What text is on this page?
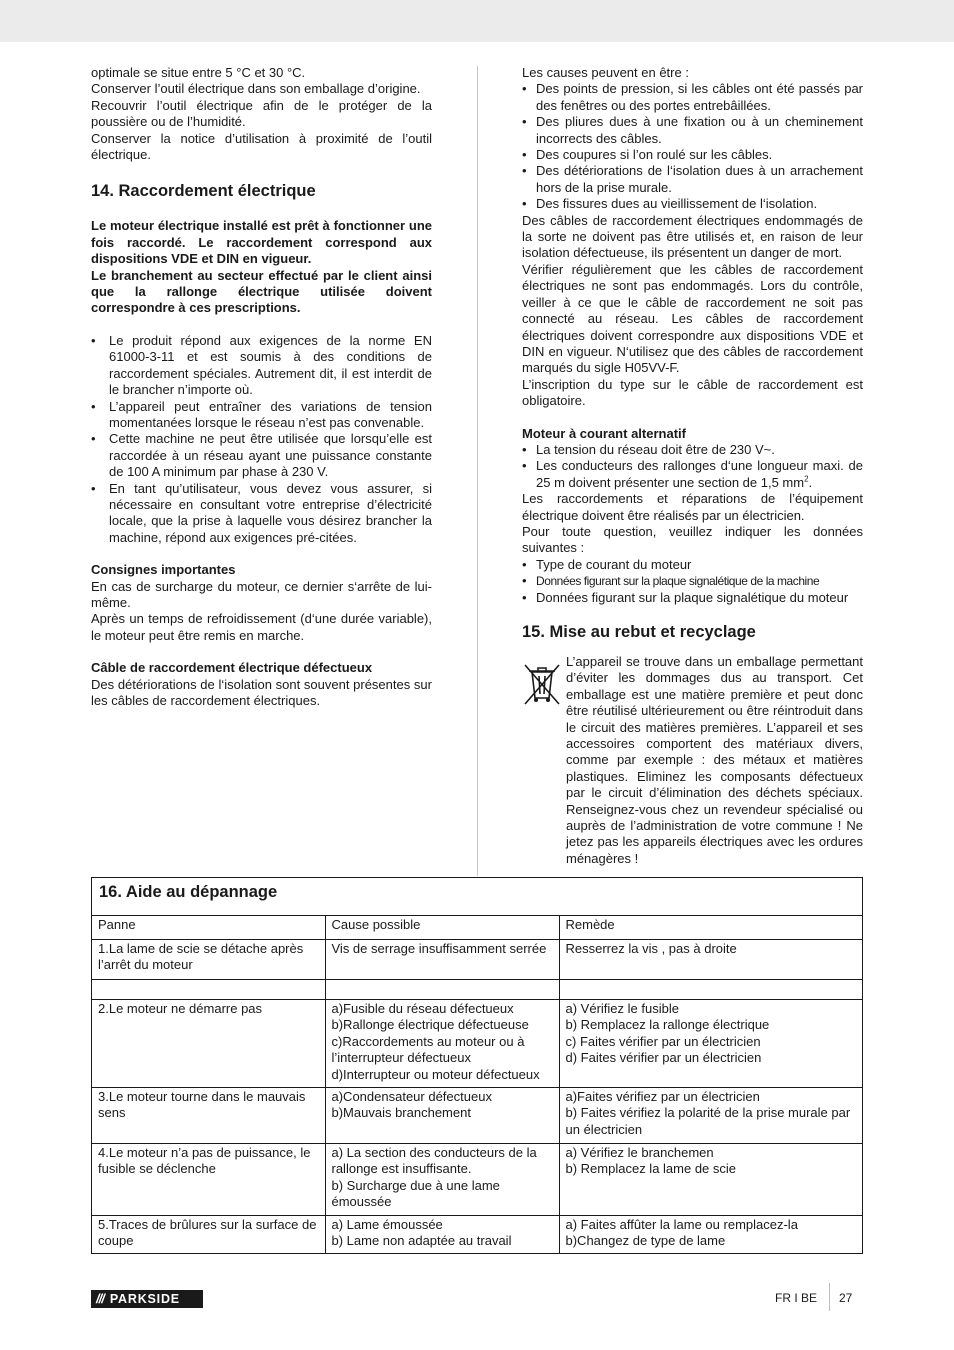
optimale se situe entre 5 °C et 30 °C.

Conserver l’outil électrique dans son emballage d’origine.

Recouvrir l’outil électrique afin de le protéger de la poussière ou de l’humidité.

Conserver la notice d’utilisation à proximité de l’outil électrique.

14. Raccordement électrique

Le moteur électrique installé est prêt à fonctionner une fois raccordé. Le raccordement correspond aux dispositions VDE et DIN en vigueur.

Le branchement au secteur effectué par le client ainsi que la rallonge électrique utilisée doivent correspondre à ces prescriptions.

• Le produit répond aux exigences de la norme EN 61000-3-11 et est soumis à des conditions de raccordement spéciales. Autrement dit, il est interdit de le brancher n’importe où.
• L’appareil peut entraîner des variations de tension momentanées lorsque le réseau n’est pas convenable.
• Cette machine ne peut être utilisée que lorsqu’elle est raccordée à un réseau ayant une puissance constante de 100 A minimum par phase à 230 V.
• En tant qu’utilisateur, vous devez vous assurer, si nécessaire en consultant votre entreprise d’électricité locale, que la prise à laquelle vous désirez brancher la machine, répond aux exigences pré-citées.

Consignes importantes

En cas de surcharge du moteur, ce dernier s‘arrête de lui-même.

Après un temps de refroidissement (d‘une durée variable), le moteur peut être remis en marche.

Câble de raccordement électrique défectueux

Des détériorations de l‘isolation sont souvent présentes sur les câbles de raccordement électriques.

Les causes peuvent en être :

• Des points de pression, si les câbles ont été passés par des fenêtres ou des portes entrebâillées.
• Des pliures dues à une fixation ou à un cheminement incorrects des câbles.
• Des coupures si l’on roulé sur les câbles.
• Des détériorations de l‘isolation dues à un arrachement hors de la prise murale.
• Des fissures dues au vieillissement de l‘isolation.

Des câbles de raccordement électriques endommagés de la sorte ne doivent pas être utilisés et, en raison de leur isolation défectueuse, ils présentent un danger de mort.

Vérifier régulièrement que les câbles de raccordement électriques ne sont pas endommagés. Lors du contrôle, veiller à ce que le câble de raccordement ne soit pas connecté au réseau. Les câbles de raccordement électriques doivent correspondre aux dispositions VDE et DIN en vigueur. N‘utilisez que des câbles de raccordement marqués du sigle H05VV-F.

L’inscription du type sur le câble de raccordement est obligatoire.

Moteur à courant alternatif

• La tension du réseau doit être de 230 V~.
• Les conducteurs des rallonges d‘une longueur maxi. de 25 m doivent présenter une section de 1,5 $mm^2$.

Les raccordements et réparations de l’équipement électrique doivent être réalisés par un électricien.

Pour toute question, veuillez indiquer les données suivantes :

• Type de courant du moteur
• Données figurant sur la plaque signalétique de la machine
• Données figurant sur la plaque signalétique du moteur
15. Mise au rebut et recyclage

L’appareil se trouve dans un emballage permettant d’éviter les dommages dus au transport. Cet emballage est une matière première et peut donc être réutilisé ultérieurement ou être réintroduit dans le circuit des matières premières. L’appareil et ses accessoires comportent des matériaux divers, comme par exemple : des métaux et matières plastiques. Eliminez les composants défectueux par le circuit d’élimination des déchets spéciaux. Renseignez-vous chez un revendeur spécialisé ou auprès de l’administration de votre commune ! Ne jetez pas les appareils électriques avec les ordures ménagères !

16. Aide au dépannage
Panne	Cause possible	Remède

1.La lame de scie se détache après l’arrêt du moteur	Vis de serrage insuffisamment serrée	Resserrez la vis , pas à droite

2.Le moteur ne démarre pas	a)Fusible du réseau défectueux
b)Rallonge électrique défectueuse
c)Raccordements au moteur ou à l’interrupteur défectueux
d)Interrupteur ou moteur défectueux	a) Vérifiez le fusible
b) Remplacez la rallonge électrique
c) Faites vérifier par un électricien
d) Faites vérifier par un électricien

3.Le moteur tourne dans le mauvais sens	a)Condensateur défectueux
b)Mauvais branchement	a)Faites vérifiez par un électricien
b) Faites vérifiez la polarité de la prise murale par un électricien

4.Le moteur n’a pas de puissance, le fusible se déclenche	a) La section des conducteurs de la rallonge est insuffisante.
b) Surcharge due à une lame émoussée	a) Vérifiez le branchemen
b) Remplacez la lame de scie

5.Traces de brûlures sur la surface de coupe	a) Lame émoussée
b) Lame non adaptée au travail	a) Faites affûter la lame ou remplacez-la
b)Changez de type de lame
/// PARKSIDE	FR I BE 27
